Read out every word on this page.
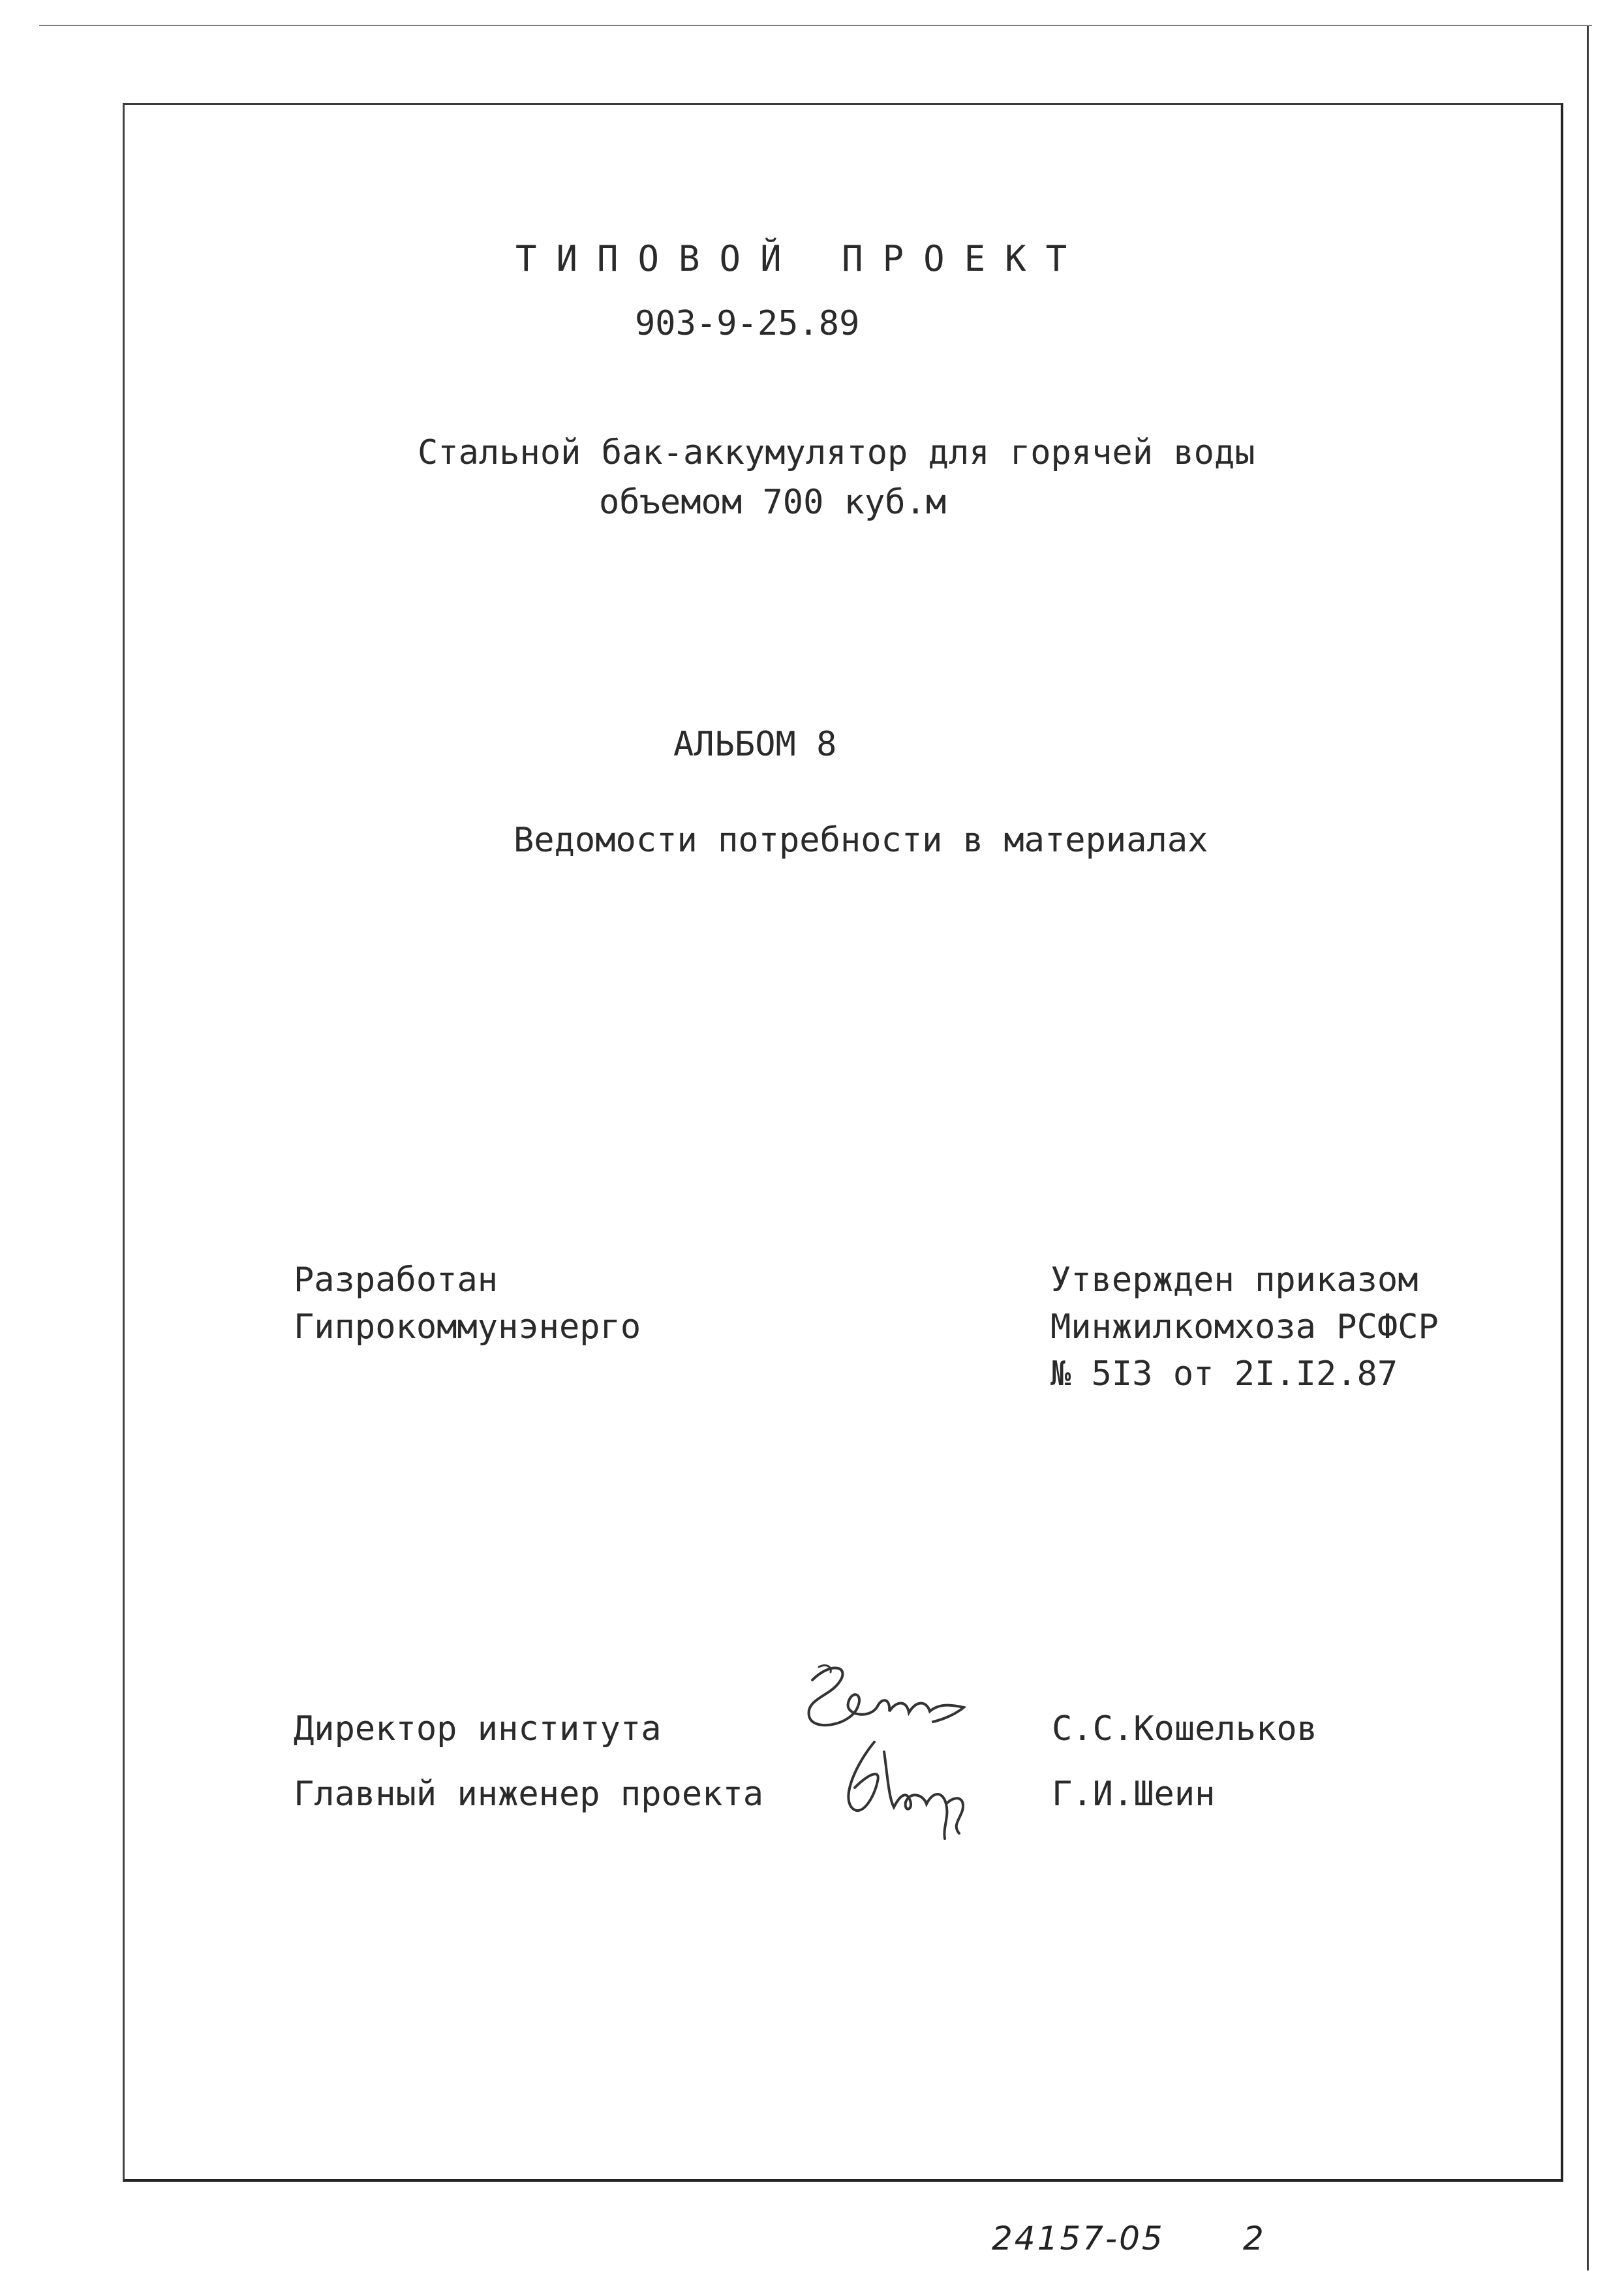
ТИПОВОЙ ПРОЕКТ
903-9-25.89
Стальной бак-аккумулятор для горячей воды
объемом 700 куб.м
АЛЬБОМ 8
Ведомости потребности в материалах
Разработан
Гипрокоммунэнерго
Утвержден приказом
Минжилкомхоза РСФСР
№ 5I3 от 2I.I2.87
Директор института	С.С.Кошельков
Главный инженер проекта	Г.И.Шеин
24157-05 2
